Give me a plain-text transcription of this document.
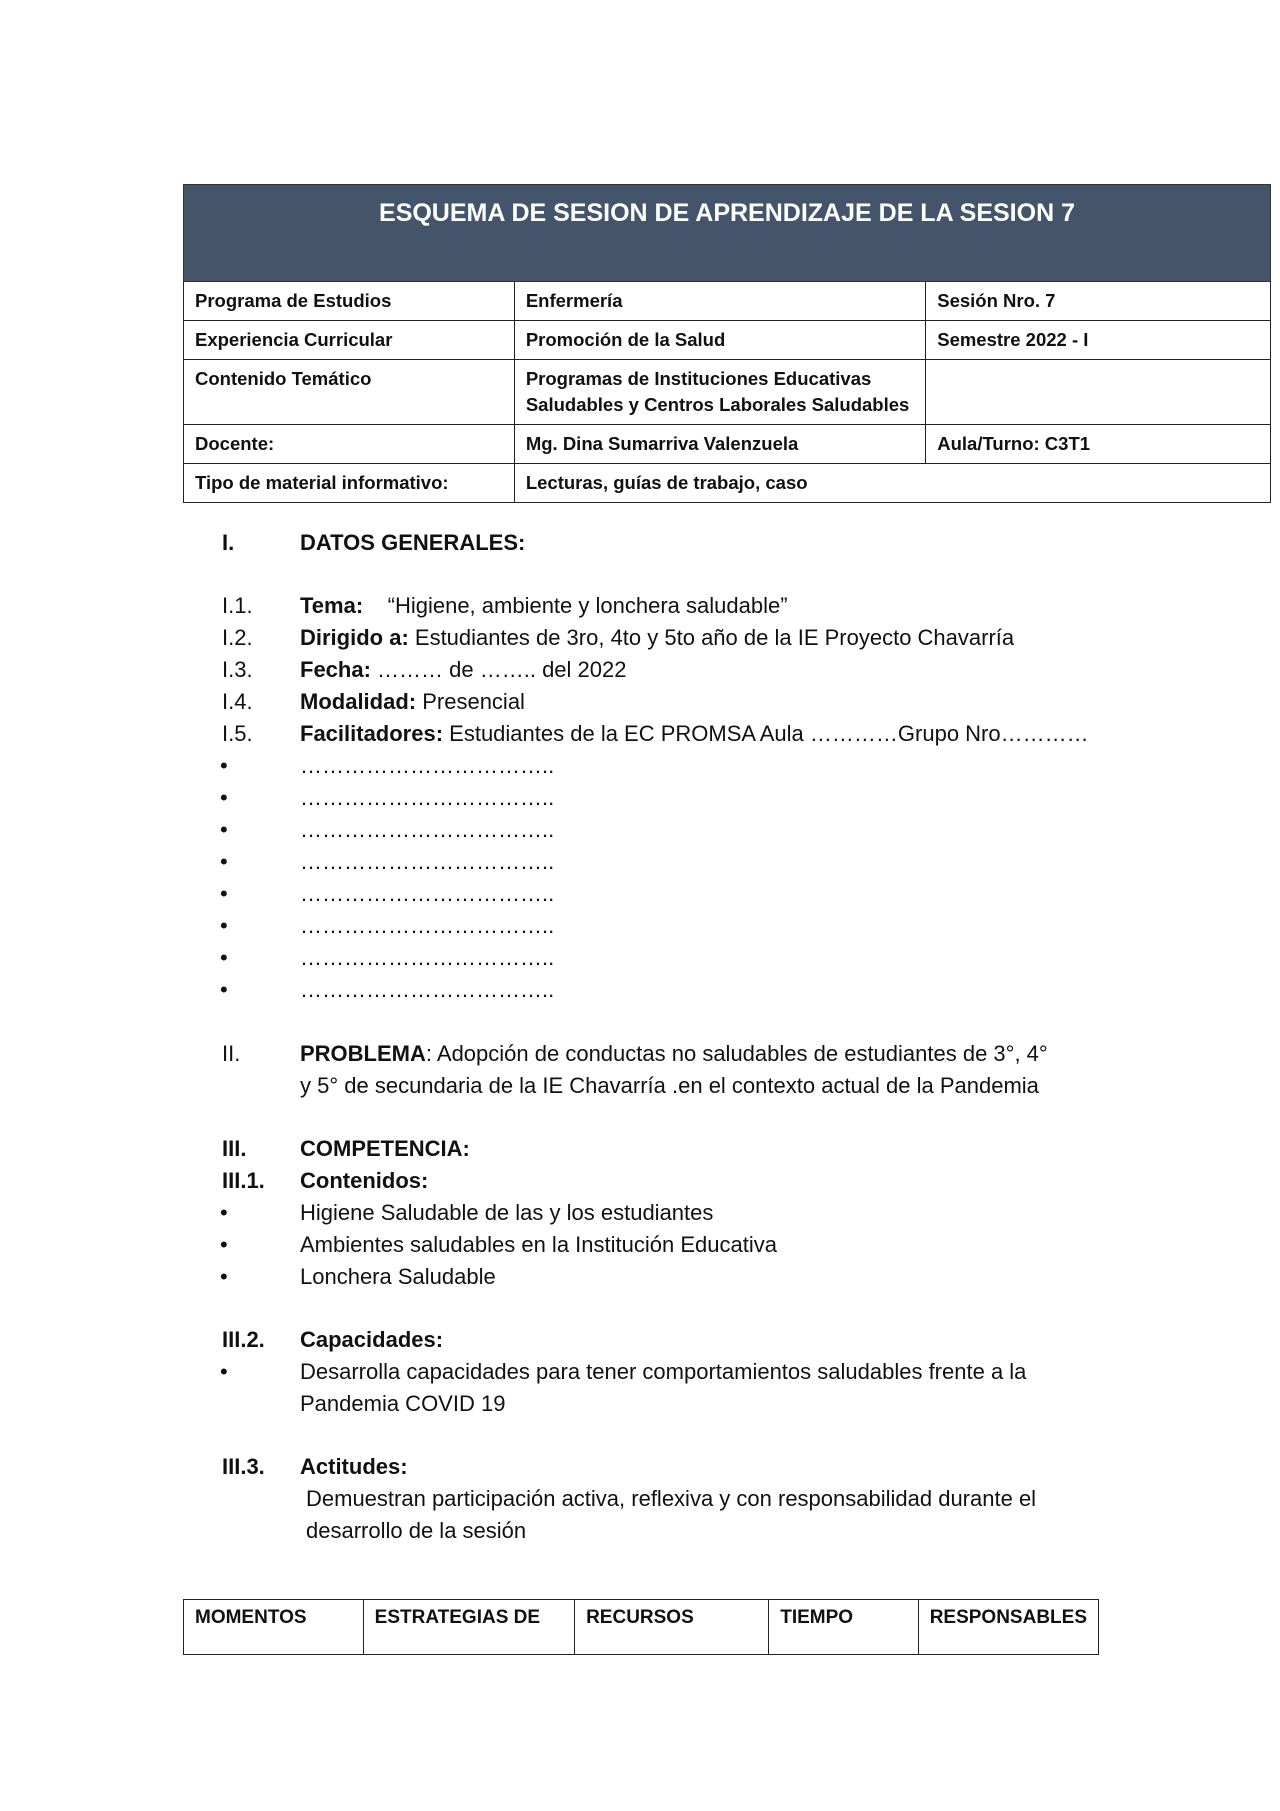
ESQUEMA DE SESION DE APRENDIZAJE DE LA SESION 7		
Programa de Estudios	Enfermería	Sesión Nro. 7
Experiencia Curricular	Promoción de la Salud	Semestre 2022 - I
Contenido Temático	Programas de Instituciones Educativas Saludables y Centros Laborales Saludables	
Docente:	Mg. Dina Sumarriva Valenzuela	Aula/Turno: C3T1
Tipo de material informativo:	Lecturas, guías de trabajo, caso	
I.	DATOS GENERALES:
I.1. Tema:    “Higiene, ambiente y lonchera saludable”
I.2. Dirigido a: Estudiantes de 3ro, 4to y 5to año de la IE Proyecto Chavarría
I.3. Fecha: ……… de …….. del 2022
I.4. Modalidad: Presencial
I.5. Facilitadores: Estudiantes de la EC PROMSA Aula …………Grupo Nro…………
•	……………………………..
•	……………………………..
•	……………………………..
•	……………………………..
•	……………………………..
•	……………………………..
•	……………………………..
•	……………………………..
II.	PROBLEMA: Adopción de conductas no saludables de estudiantes de 3°, 4°
y 5° de secundaria de la IE Chavarría .en el contexto actual de la Pandemia
III. COMPETENCIA:
III.1. Contenidos:
•	Higiene Saludable de las y los estudiantes
•	Ambientes saludables en la Institución Educativa
•	Lonchera Saludable
III.2. Capacidades:
•	Desarrolla capacidades para tener comportamientos saludables frente a la
Pandemia COVID 19
III.3. Actitudes:
Demuestran participación activa, reflexiva y con responsabilidad durante el
desarrollo de la sesión
MOMENTOS	ESTRATEGIAS DE	RECURSOS	TIEMPO	RESPONSABLES
